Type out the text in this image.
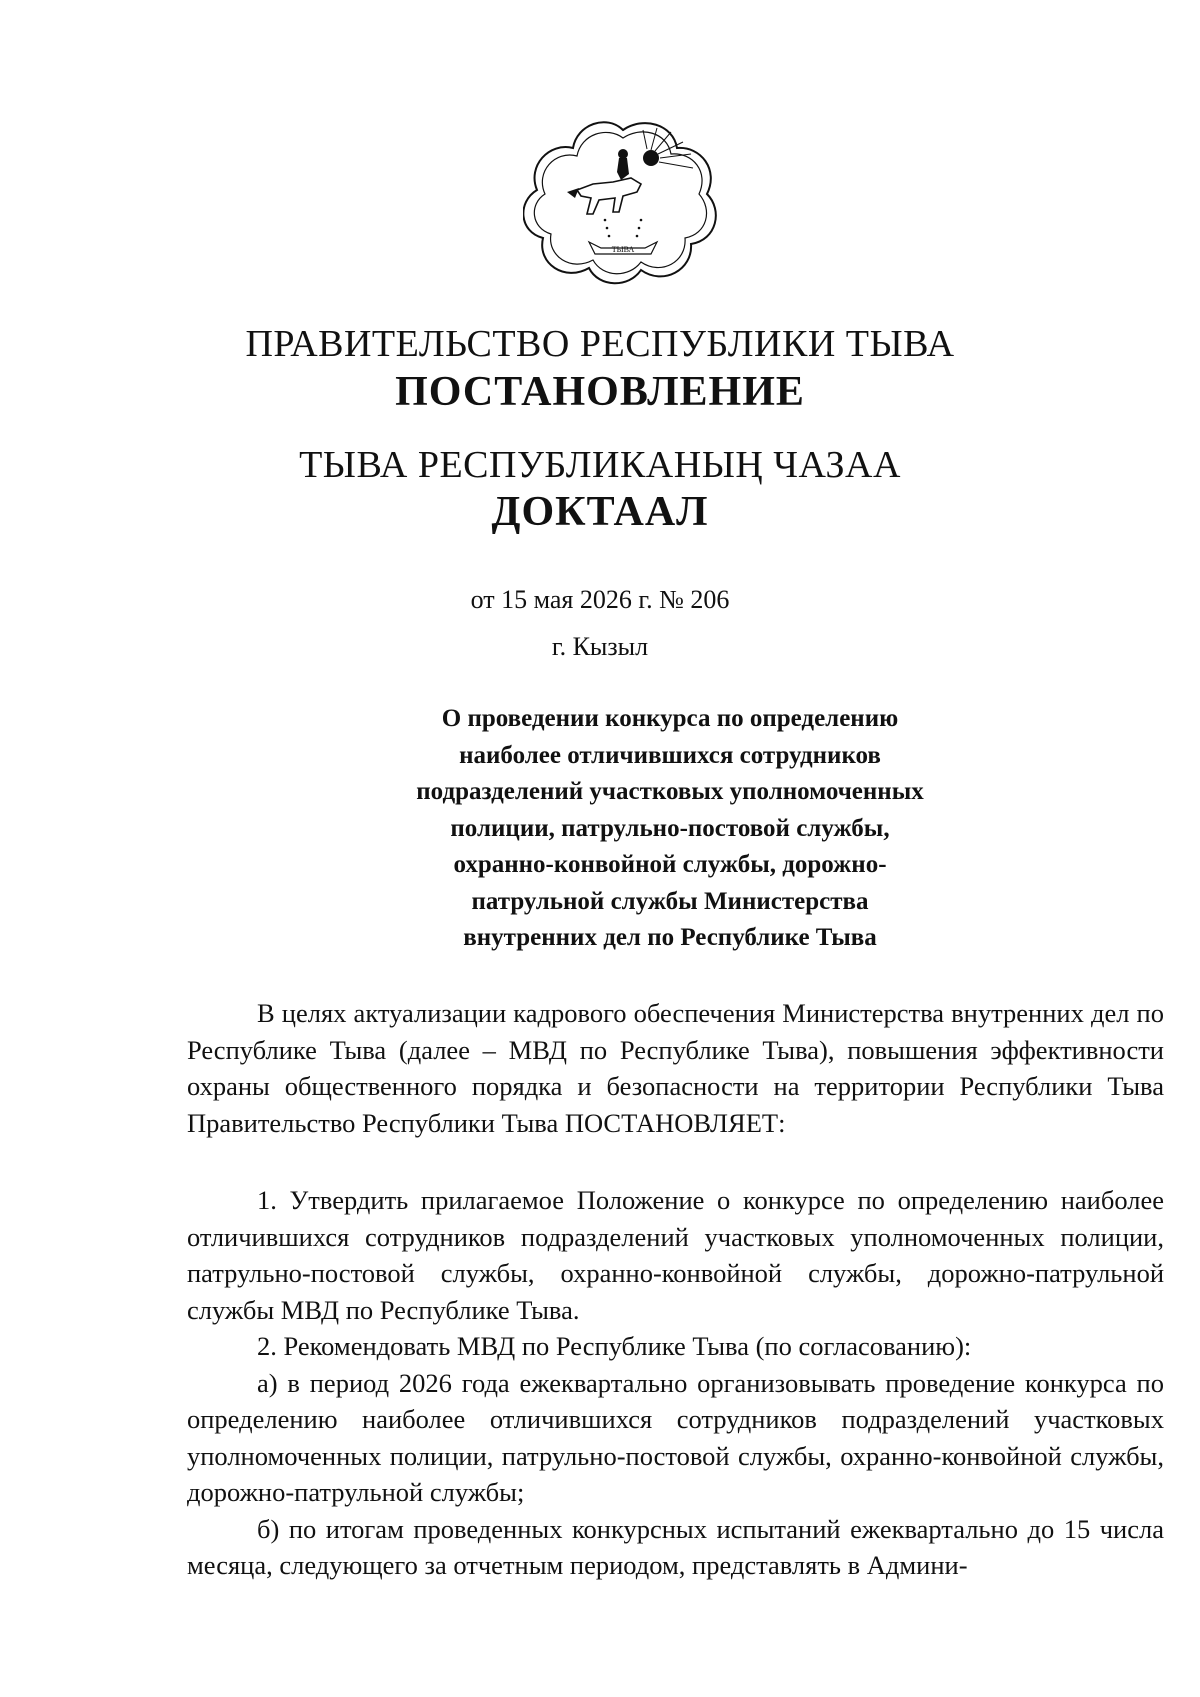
ТЫВА
ПРАВИТЕЛЬСТВО РЕСПУБЛИКИ ТЫВА
ПОСТАНОВЛЕНИЕ
ТЫВА РЕСПУБЛИКАНЫҢ ЧАЗАА
ДОКТААЛ
от 15 мая 2026 г. № 206
г. Кызыл
О проведении конкурса по определению
наиболее отличившихся сотрудников
подразделений участковых уполномоченных
полиции, патрульно-постовой службы,
охранно-конвойной службы, дорожно-
патрульной службы Министерства
внутренних дел по Республике Тыва

В целях актуализации кадрового обеспечения Министерства внутренних дел по Республике Тыва (далее – МВД по Республике Тыва), повышения эффективности охраны общественного порядка и безопасности на территории Республики Тыва Правительство Республики Тыва ПОСТАНОВЛЯЕТ:

1. Утвердить прилагаемое Положение о конкурсе по определению наиболее отличившихся сотрудников подразделений участковых уполномоченных полиции, патрульно-постовой службы, охранно-конвойной службы, дорожно-патрульной службы МВД по Республике Тыва.

2. Рекомендовать МВД по Республике Тыва (по согласованию):

а) в период 2026 года ежеквартально организовывать проведение конкурса по определению наиболее отличившихся сотрудников подразделений участковых уполномоченных полиции, патрульно-постовой службы, охранно-конвойной службы, дорожно-патрульной службы;

б) по итогам проведенных конкурсных испытаний ежеквартально до 15 числа месяца, следующего за отчетным периодом, представлять в Админи-
